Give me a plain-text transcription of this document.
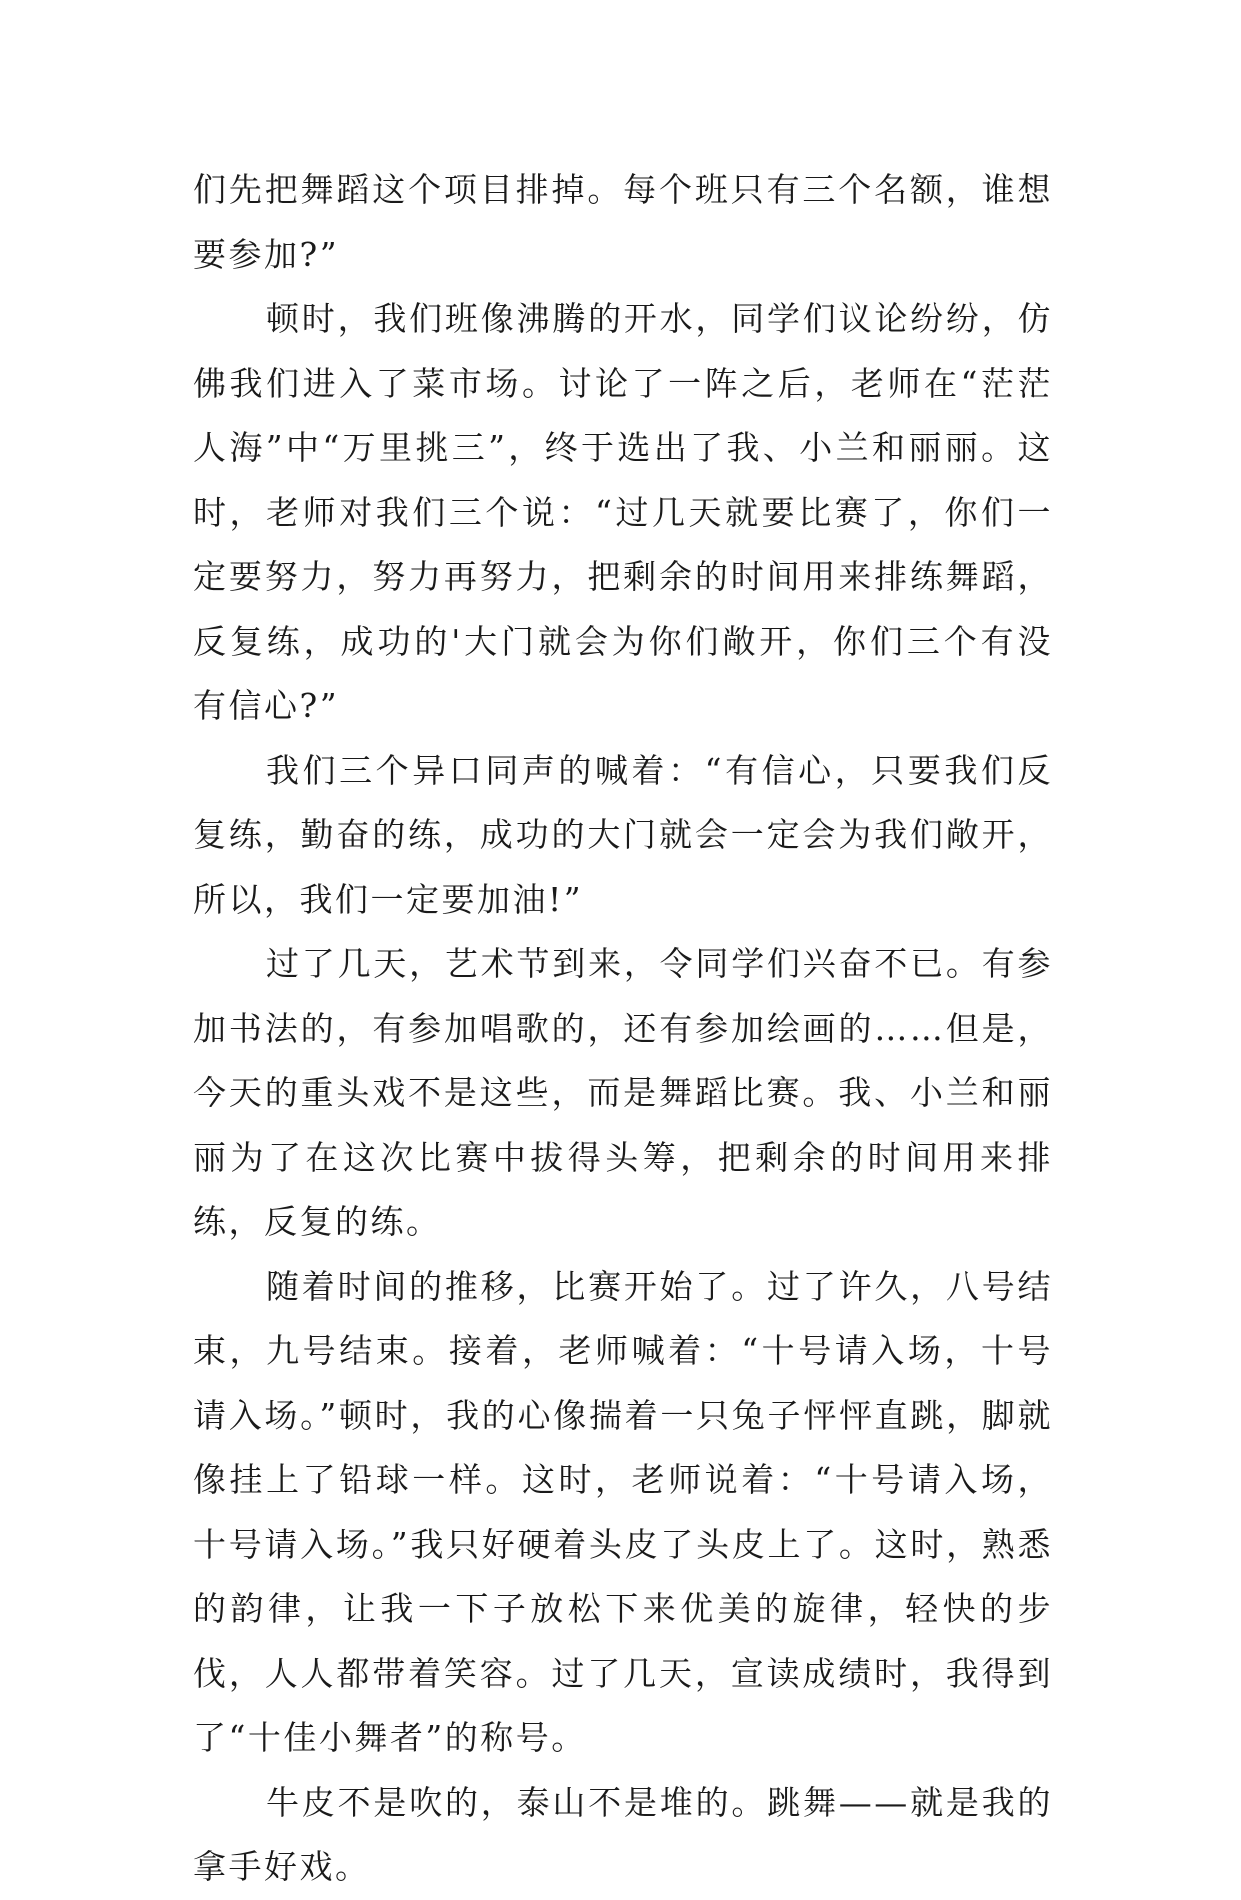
们先把舞蹈这个项目排掉。每个班只有三个名额，谁想要参加?”

顿时，我们班像沸腾的开水，同学们议论纷纷，仿佛我们进入了菜市场。讨论了一阵之后，老师在“茫茫人海”中“万里挑三”，终于选出了我、小兰和丽丽。这时，老师对我们三个说：“过几天就要比赛了，你们一定要努力，努力再努力，把剩余的时间用来排练舞蹈，反复练，成功的'大门就会为你们敞开，你们三个有没有信心?”

我们三个异口同声的喊着：“有信心，只要我们反复练，勤奋的练，成功的大门就会一定会为我们敞开，所以，我们一定要加油!”

过了几天，艺术节到来，令同学们兴奋不已。有参加书法的，有参加唱歌的，还有参加绘画的……但是，今天的重头戏不是这些，而是舞蹈比赛。我、小兰和丽丽为了在这次比赛中拔得头筹，把剩余的时间用来排练，反复的练。

随着时间的推移，比赛开始了。过了许久，八号结束，九号结束。接着，老师喊着：“十号请入场，十号请入场。”顿时，我的心像揣着一只兔子怦怦直跳，脚就像挂上了铅球一样。这时，老师说着：“十号请入场，十号请入场。”我只好硬着头皮了头皮上了。这时，熟悉的韵律，让我一下子放松下来优美的旋律，轻快的步伐，人人都带着笑容。过了几天，宣读成绩时，我得到了“十佳小舞者”的称号。

牛皮不是吹的，泰山不是堆的。跳舞——就是我的拿手好戏。
